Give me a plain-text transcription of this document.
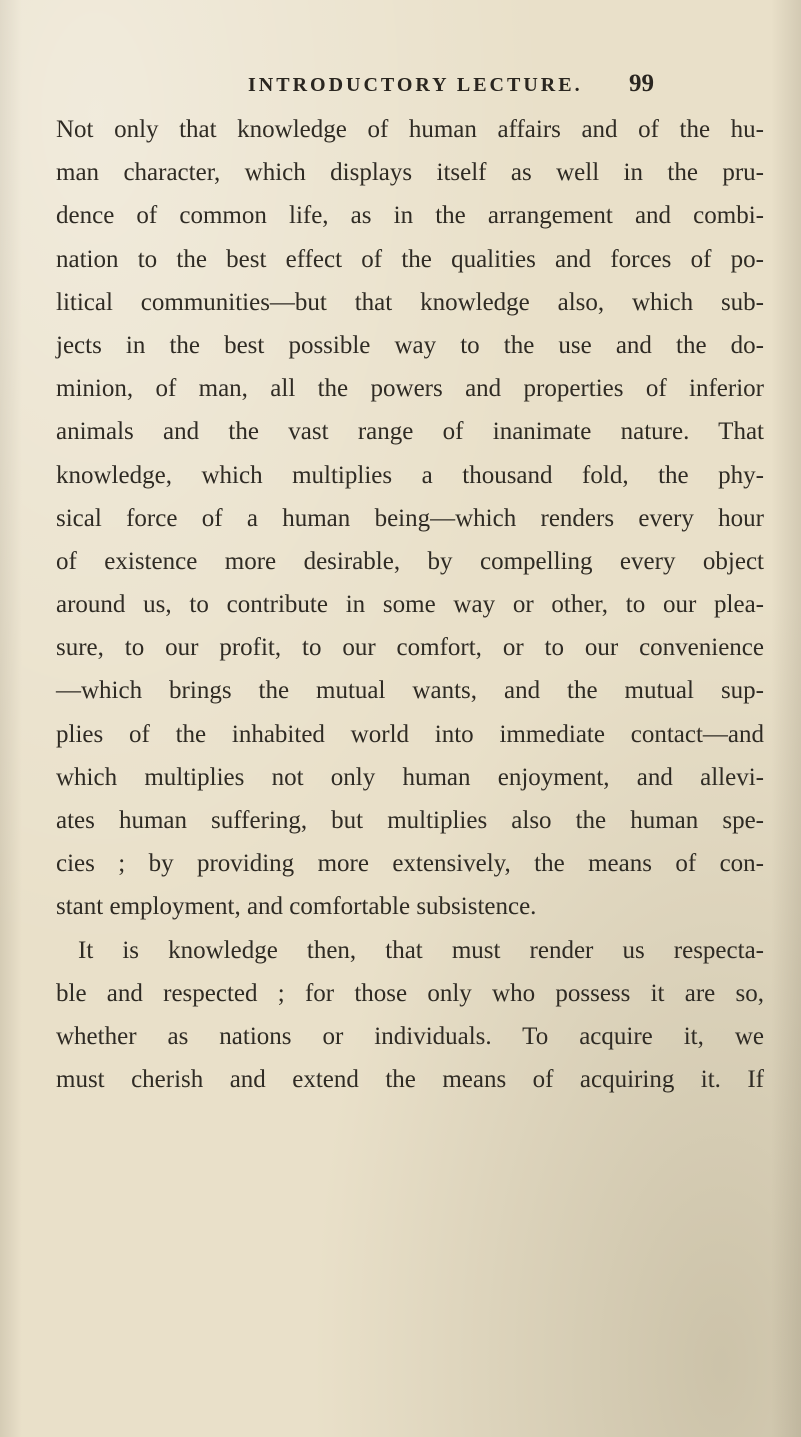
INTRODUCTORY LECTURE. 99
Not only that knowledge of human affairs and of the hu-
man character, which displays itself as well in the pru-
dence of common life, as in the arrangement and combi-
nation to the best effect of the qualities and forces of po-
litical communities—but that knowledge also, which sub-
jects in the best possible way to the use and the do-
minion, of man, all the powers and properties of inferior
animals and the vast range of inanimate nature. That
knowledge, which multiplies a thousand fold, the phy-
sical force of a human being—which renders every hour
of existence more desirable, by compelling every object
around us, to contribute in some way or other, to our plea-
sure, to our profit, to our comfort, or to our convenience
—which brings the mutual wants, and the mutual sup-
plies of the inhabited world into immediate contact—and
which multiplies not only human enjoyment, and allevi-
ates human suffering, but multiplies also the human spe-
cies ; by providing more extensively, the means of con-
stant employment, and comfortable subsistence.
It is knowledge then, that must render us respecta-
ble and respected ; for those only who possess it are so,
whether as nations or individuals. To acquire it, we
must cherish and extend the means of acquiring it. If
